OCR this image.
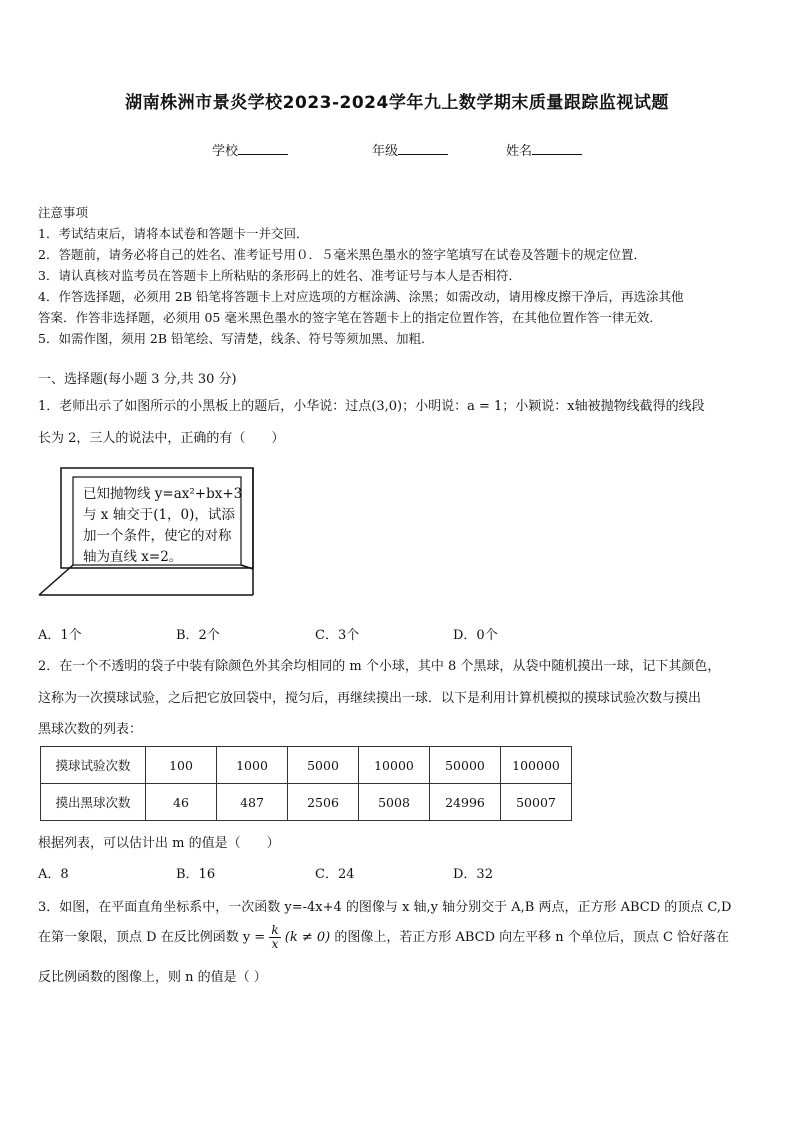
湖南株洲市景炎学校2023-2024学年九上数学期末质量跟踪监视试题
学校	年级	姓名
注意事项
1．考试结束后，请将本试卷和答题卡一并交回．
2．答题前，请务必将自己的姓名、准考证号用０．５毫米黑色墨水的签字笔填写在试卷及答题卡的规定位置．
3．请认真核对监考员在答题卡上所粘贴的条形码上的姓名、准考证号与本人是否相符．
4．作答选择题，必须用 2B 铅笔将答题卡上对应选项的方框涂满、涂黑；如需改动，请用橡皮擦干净后，再选涂其他
答案．作答非选择题，必须用 05 毫米黑色墨水的签字笔在答题卡上的指定位置作答，在其他位置作答一律无效．
5．如需作图，须用 2B 铅笔绘、写清楚，线条、符号等须加黑、加粗．
一、选择题(每小题 3 分,共 30 分)
1．老师出示了如图所示的小黑板上的题后，小华说：过点(3,0)；小明说：a = 1；小颖说：x轴被抛物线截得的线段
长为 2，三人的说法中，正确的有（　　）
已知抛物线 y=ax²+bx+3
与 x 轴交于(1，0)，试添
加一个条件，使它的对称
轴为直线 x=2。
A．1个	B．2个	C．3个	D．0个
2．在一个不透明的袋子中装有除颜色外其余均相同的 m 个小球，其中 8 个黑球，从袋中随机摸出一球，记下其颜色，
这称为一次摸球试验，之后把它放回袋中，搅匀后，再继续摸出一球．以下是利用计算机模拟的摸球试验次数与摸出
黑球次数的列表：
摸球试验次数	100	1000	5000	10000	50000	100000
摸出黑球次数	46	487	2506	5008	24996	50007
根据列表，可以估计出 m 的值是（　　）
A．8	B．16	C．24	D．32
3．如图，在平面直角坐标系中，一次函数 y=-4x+4 的图像与 x 轴,y 轴分别交于 A,B 两点，正方形 ABCD 的顶点 C,D
在第一象限，顶点 D 在反比例函数 $y = \frac{k}{x} (k \ne 0)$ 的图像上，若正方形 ABCD 向左平移 n 个单位后，顶点 C 恰好落在
反比例函数的图像上，则 n 的值是（ ）
